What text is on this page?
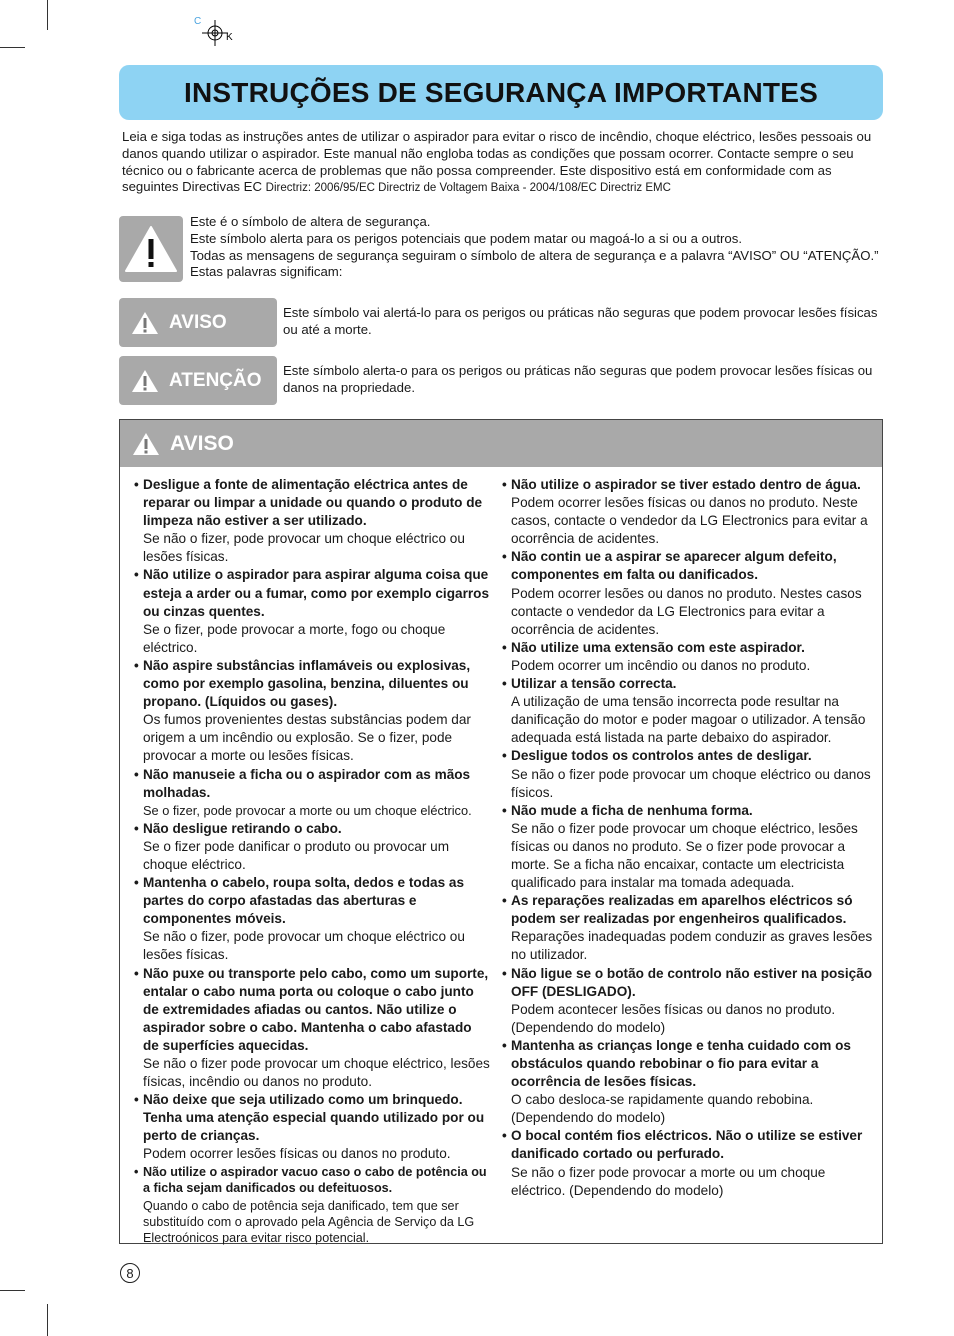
C
K
INSTRUÇÕES DE SEGURANÇA IMPORTANTES

Leia e siga todas as instruções antes de utilizar o aspirador para evitar o risco de incêndio, choque eléctrico, lesões pessoais ou danos quando utilizar o aspirador. Este manual não engloba todas as condições que possam ocorrer. Contacte sempre o seu técnico ou o fabricante acerca de problemas que não possa compreender. Este dispositivo está em conformidade com as seguintes Directivas EC Directriz: 2006/95/EC Directriz de Voltagem Baixa - 2004/108/EC Directriz EMC

Este é o símbolo de altera de segurança.
Este símbolo alerta para os perigos potenciais que podem matar ou magoá-lo a si ou a outros.
Todas as mensagens de segurança seguiram o símbolo de altera de segurança e a palavra “AVISO” OU “ATENÇÃO.”
Estas palavras significam:
AVISO	Este símbolo vai alertá-lo para os perigos ou práticas não seguras que podem provocar lesões físicas ou até a morte.
ATENÇÃO Este símbolo alerta-o para os perigos ou práticas não seguras que podem provocar lesões físicas ou danos na propriedade.
AVISO
• Desligue a fonte de alimentação eléctrica antes de reparar ou limpar a unidade ou quando o produto de limpeza não estiver a ser utilizado.
Se não o fizer, pode provocar um choque eléctrico ou lesões físicas.
• Não utilize o aspirador para aspirar alguma coisa que esteja a arder ou a fumar, como por exemplo cigarros ou cinzas quentes.
Se o fizer, pode provocar a morte, fogo ou choque eléctrico.
• Não aspire substâncias inflamáveis ou explosivas, como por exemplo gasolina, benzina, diluentes ou propano. (Líquidos ou gases).
Os fumos provenientes destas substâncias podem dar origem a um incêndio ou explosão. Se o fizer, pode provocar a morte ou lesões físicas.
• Não manuseie a ficha ou o aspirador com as mãos molhadas.
Se o fizer, pode provocar a morte ou um choque eléctrico.
• Não desligue retirando o cabo.
Se o fizer pode danificar o produto ou provocar um choque eléctrico.
• Mantenha o cabelo, roupa solta, dedos e todas as partes do corpo afastadas das aberturas e componentes móveis.
Se não o fizer, pode provocar um choque eléctrico ou lesões físicas.
• Não puxe ou transporte pelo cabo, como um suporte, entalar o cabo numa porta ou coloque o cabo junto de extremidades afiadas ou cantos. Não utilize o aspirador sobre o cabo. Mantenha o cabo afastado de superfícies aquecidas.
Se não o fizer pode provocar um choque eléctrico, lesões físicas, incêndio ou danos no produto.
• Não deixe que seja utilizado como um brinquedo. Tenha uma atenção especial quando utilizado por ou perto de crianças.
Podem ocorrer lesões físicas ou danos no produto.
• Não utilize o aspirador vacuo caso o cabo de potência ou a ficha sejam danificados ou defeituosos.
Quando o cabo de potência seja danificado, tem que ser substituído com o aprovado pela Agência de Serviço da LG Electroónicos para evitar risco potencial.
• Não utilize o aspirador se tiver estado dentro de água.
Podem ocorrer lesões físicas ou danos no produto. Neste casos, contacte o vendedor da LG Electronics para evitar a ocorrência de acidentes.
• Não contin ue a aspirar se aparecer algum defeito, componentes em falta ou danificados.
Podem ocorrer lesões ou danos no produto. Nestes casos contacte o vendedor da LG Electronics para evitar a ocorrência de acidentes.
• Não utilize uma extensão com este aspirador.
Podem ocorrer um incêndio ou danos no produto.
• Utilizar a tensão correcta.
A utilização de uma tensão incorrecta pode resultar na danificação do motor e poder magoar o utilizador. A tensão adequada está listada na parte debaixo do aspirador.
• Desligue todos os controlos antes de desligar.
Se não o fizer pode provocar um choque eléctrico ou danos físicos.
• Não mude a ficha de nenhuma forma.
Se não o fizer pode provocar um choque eléctrico, lesões físicas ou danos no produto. Se o fizer pode provocar a morte. Se a ficha não encaixar, contacte um electricista qualificado para instalar ma tomada adequada.
• As reparações realizadas em aparelhos eléctricos só podem ser realizadas por engenheiros qualificados.
Reparações inadequadas podem conduzir as graves lesões no utilizador.
• Não ligue se o botão de controlo não estiver na posição OFF (DESLIGADO).
Podem acontecer lesões físicas ou danos no produto. (Dependendo do modelo)
• Mantenha as crianças longe e tenha cuidado com os obstáculos quando rebobinar o fio para evitar a ocorrência de lesões físicas.
O cabo desloca-se rapidamente quando rebobina. (Dependendo do modelo)
• O bocal contém fios eléctricos. Não o utilize se estiver danificado cortado ou perfurado.
Se não o fizer pode provocar a morte ou um choque eléctrico. (Dependendo do modelo)
8
